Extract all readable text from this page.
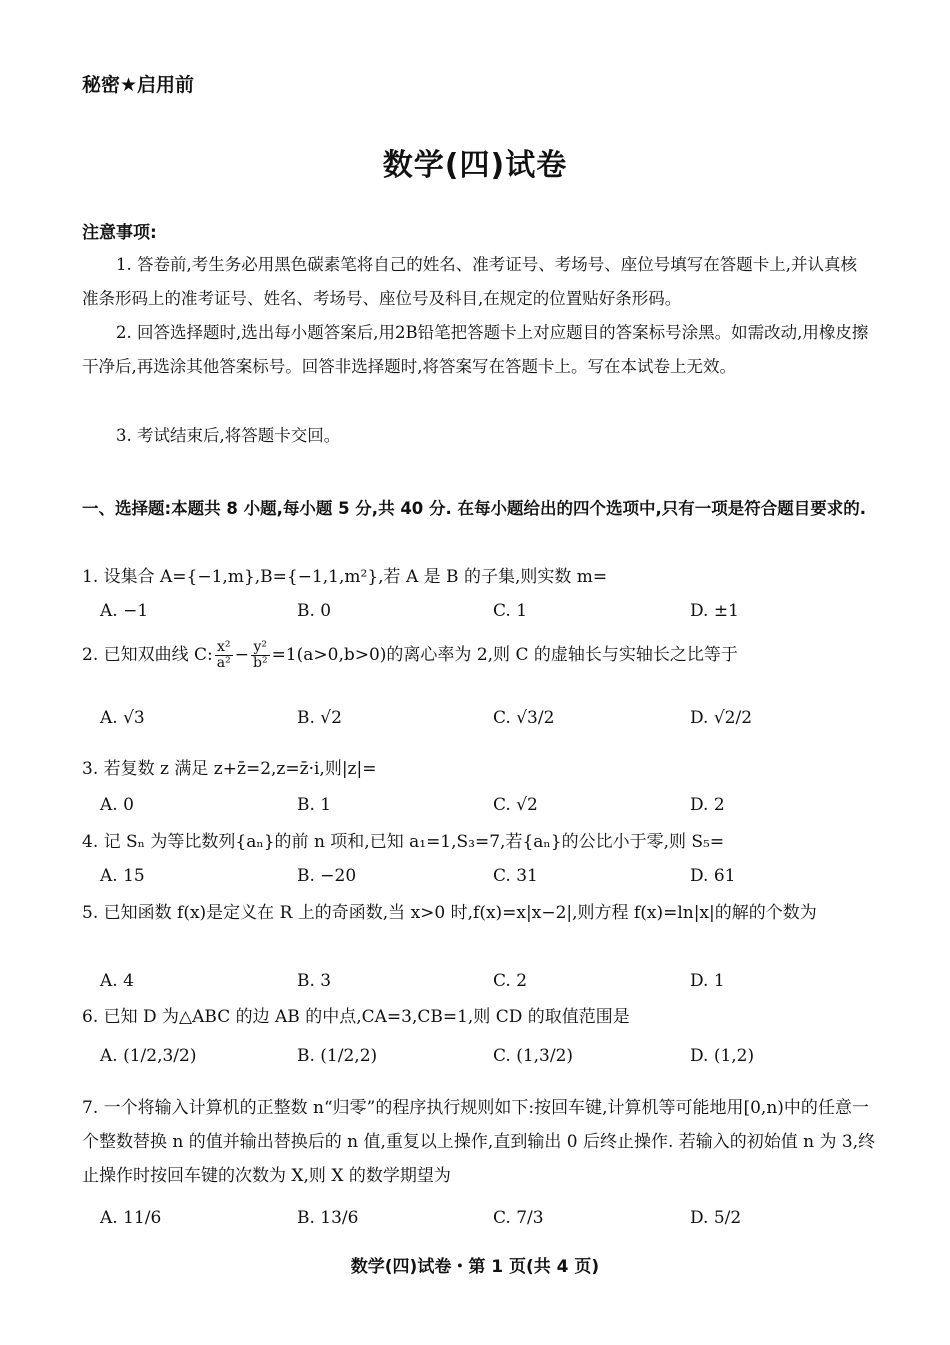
秘密★启用前
数学(四)试卷
注意事项:
1. 答卷前,考生务必用黑色碳素笔将自己的姓名、准考证号、考场号、座位号填写在答题卡上,并认真核准条形码上的准考证号、姓名、考场号、座位号及科目,在规定的位置贴好条形码。
2. 回答选择题时,选出每小题答案后,用2B铅笔把答题卡上对应题目的答案标号涂黑。如需改动,用橡皮擦干净后,再选涂其他答案标号。回答非选择题时,将答案写在答题卡上。写在本试卷上无效。
3. 考试结束后,将答题卡交回。
一、选择题:本题共 8 小题,每小题 5 分,共 40 分. 在每小题给出的四个选项中,只有一项是符合题目要求的.
1. 设集合 A={−1,m},B={−1,1,m²},若 A 是 B 的子集,则实数 m=
A. −1	B. 0	C. 1	D. ±1
2. 已知双曲线 C: $\frac{\text{x²}}{\text{a²}} - \frac{\text{y²}}{\text{b²}} =1(a>0,b>0)$的离心率为 2,则 C 的虚轴长与实轴长之比等于
A. √3	B. √2	C. √3/2	D. √2/2
3. 若复数 z 满足 z+z̄=2,z=z̄·i,则|z|=
A. 0	B. 1	C. √2	D. 2
4. 记 Sₙ 为等比数列{aₙ}的前 n 项和,已知 a₁=1,S₃=7,若{aₙ}的公比小于零,则 S₅=
A. 15	B. −20	C. 31	D. 61
5. 已知函数 f(x)是定义在 R 上的奇函数,当 x>0 时,f(x)=x|x−2|,则方程 f(x)=ln|x|的解的个数为
A. 4	B. 3	C. 2	D. 1
6. 已知 D 为△ABC 的边 AB 的中点,CA=3,CB=1,则 CD 的取值范围是
A. (1/2,3/2)	B. (1/2,2)	C. (1,3/2)	D. (1,2)
7. 一个将输入计算机的正整数 n“归零”的程序执行规则如下:按回车键,计算机等可能地用[0,n)中的任意一个整数替换 n 的值并输出替换后的 n 值,重复以上操作,直到输出 0 后终止操作. 若输入的初始值 n 为 3,终止操作时按回车键的次数为 X,则 X 的数学期望为
A. 11/6	B. 13/6	C. 7/3	D. 5/2
数学(四)试卷・第 1 页(共 4 页)
